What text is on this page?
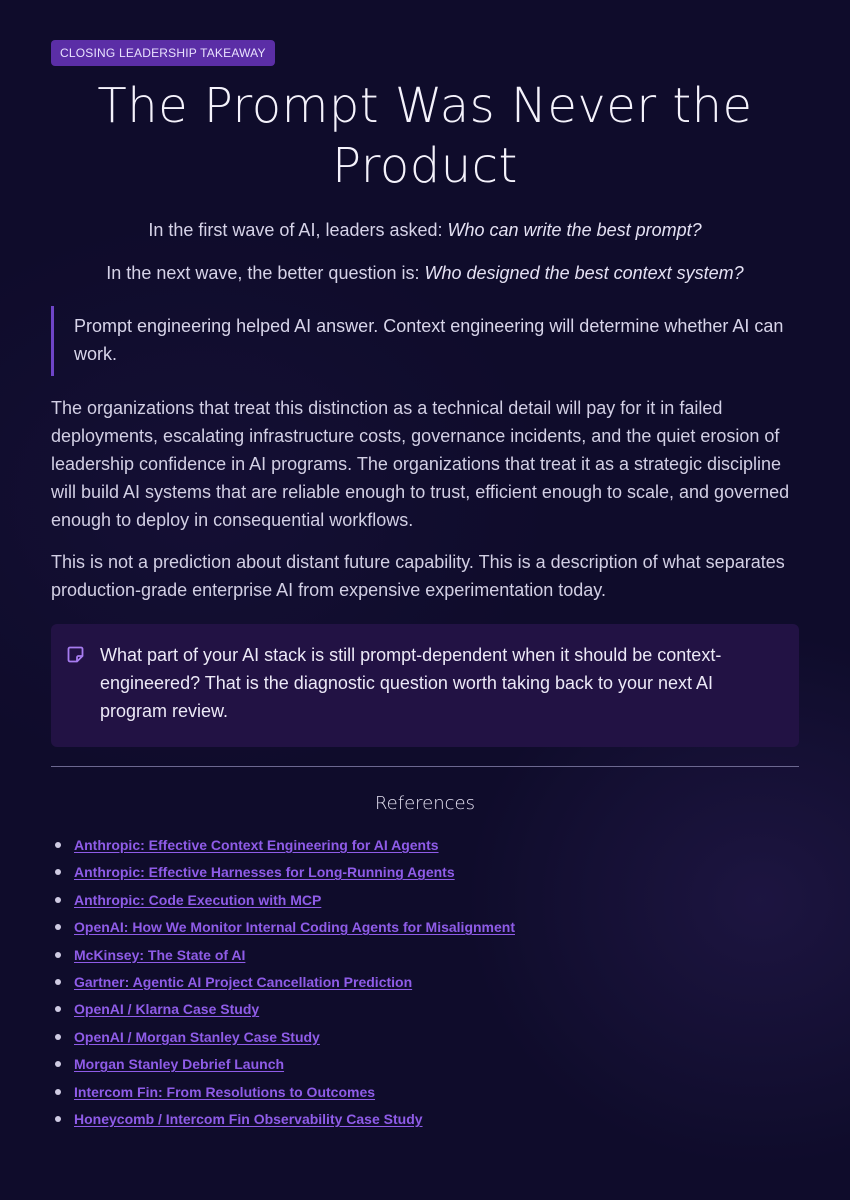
CLOSING LEADERSHIP TAKEAWAY
The Prompt Was Never the Product

In the first wave of AI, leaders asked: Who can write the best prompt?

In the next wave, the better question is: Who designed the best context system?

Prompt engineering helped AI answer. Context engineering will determine whether AI can work.

The organizations that treat this distinction as a technical detail will pay for it in failed deployments, escalating infrastructure costs, governance incidents, and the quiet erosion of leadership confidence in AI programs. The organizations that treat it as a strategic discipline will build AI systems that are reliable enough to trust, efficient enough to scale, and governed enough to deploy in consequential workflows.

This is not a prediction about distant future capability. This is a description of what separates production-grade enterprise AI from expensive experimentation today.

What part of your AI stack is still prompt-dependent when it should be context-engineered? That is the diagnostic question worth taking back to your next AI program review.
References
Anthropic: Effective Context Engineering for AI Agents
Anthropic: Effective Harnesses for Long-Running Agents
Anthropic: Code Execution with MCP
OpenAI: How We Monitor Internal Coding Agents for Misalignment
McKinsey: The State of AI
Gartner: Agentic AI Project Cancellation Prediction
OpenAI / Klarna Case Study
OpenAI / Morgan Stanley Case Study
Morgan Stanley Debrief Launch
Intercom Fin: From Resolutions to Outcomes
Honeycomb / Intercom Fin Observability Case Study
